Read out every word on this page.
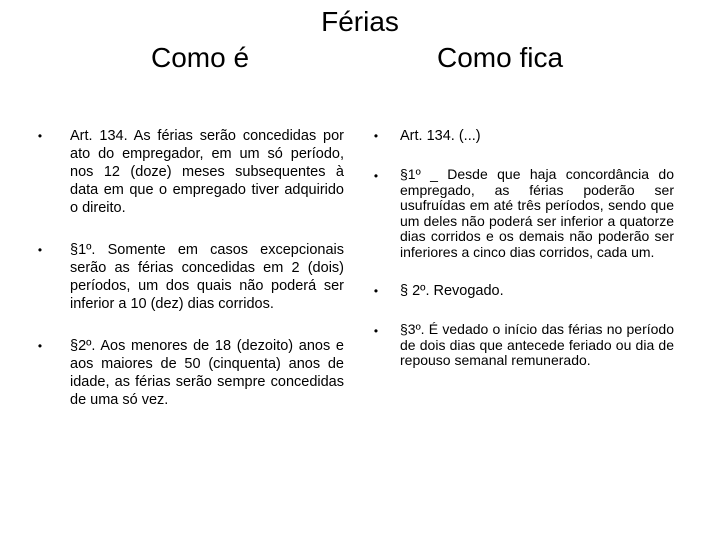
Férias
Como é	Como fica
• Art. 134. As férias serão concedidas por ato do empregador, em um só período, nos 12 (doze) meses subsequentes à data em que o empregado tiver adquirido o direito.
• §1º. Somente em casos excepcionais serão as férias concedidas em 2 (dois) períodos, um dos quais não poderá ser inferior a 10 (dez) dias corridos.
• §2º. Aos menores de 18 (dezoito) anos e aos maiores de 50 (cinquenta) anos de idade, as férias serão sempre concedidas de uma só vez.
• Art. 134. (...)
• §1º _ Desde que haja concordância do empregado, as férias poderão ser usufruídas em até três períodos, sendo que um deles não poderá ser inferior a quatorze dias corridos e os demais não poderão ser inferiores a cinco dias corridos, cada um.
• § 2º. Revogado.
• §3º. É vedado o início das férias no período de dois dias que antecede feriado ou dia de repouso semanal remunerado.
